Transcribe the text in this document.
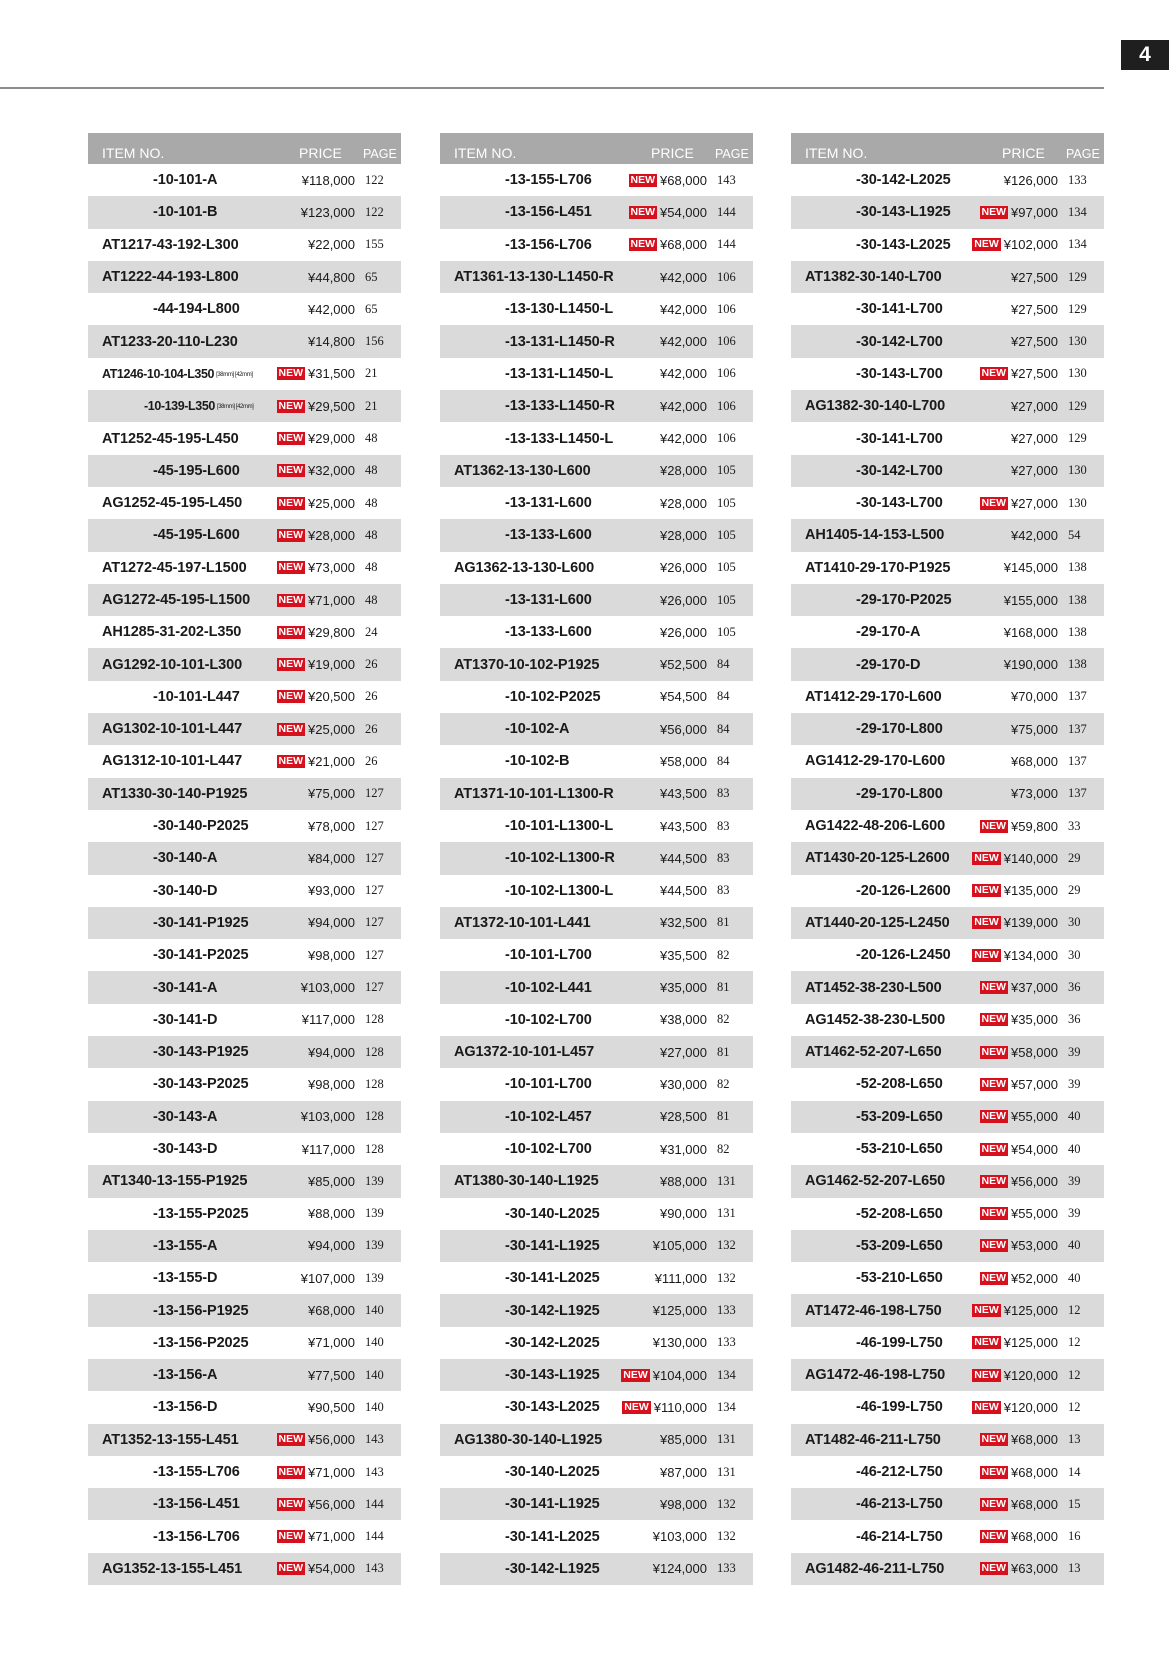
4
ITEM NO.	PRICE	PAGE
-10-101-A	¥118,000 122
-10-101-B	¥123,000 122
AT1217-43-192-L300	¥22,000 155
AT1222-44-193-L800	¥44,800 65
-44-194-L800	¥42,000 65
AT1233-20-110-L230	¥14,800 156
AT1246-10-104-L350 [38mm] [42mm]	NEW ¥31,500 21
-10-139-L350 [38mm] [42mm]	NEW ¥29,500 21
AT1252-45-195-L450	NEW ¥29,000 48
-45-195-L600	NEW ¥32,000 48
AG1252-45-195-L450	NEW ¥25,000 48
-45-195-L600	NEW ¥28,000 48
AT1272-45-197-L1500	NEW ¥73,000 48
AG1272-45-195-L1500	NEW ¥71,000 48
AH1285-31-202-L350	NEW ¥29,800 24
AG1292-10-101-L300	NEW ¥19,000 26
-10-101-L447	NEW ¥20,500 26
AG1302-10-101-L447	NEW ¥25,000 26
AG1312-10-101-L447	NEW ¥21,000 26
AT1330-30-140-P1925	¥75,000 127
-30-140-P2025	¥78,000 127
-30-140-A	¥84,000 127
-30-140-D	¥93,000 127
-30-141-P1925	¥94,000 127
-30-141-P2025	¥98,000 127
-30-141-A	¥103,000 127
-30-141-D	¥117,000 128
-30-143-P1925	¥94,000 128
-30-143-P2025	¥98,000 128
-30-143-A	¥103,000 128
-30-143-D	¥117,000 128
AT1340-13-155-P1925	¥85,000 139
-13-155-P2025	¥88,000 139
-13-155-A	¥94,000 139
-13-155-D	¥107,000 139
-13-156-P1925	¥68,000 140
-13-156-P2025	¥71,000 140
-13-156-A	¥77,500 140
-13-156-D	¥90,500 140
AT1352-13-155-L451	NEW ¥56,000 143
-13-155-L706	NEW ¥71,000 143
-13-156-L451	NEW ¥56,000 144
-13-156-L706	NEW ¥71,000 144
AG1352-13-155-L451	NEW ¥54,000 143
ITEM NO.	PRICE	PAGE
-13-155-L706	NEW ¥68,000 143
-13-156-L451	NEW ¥54,000 144
-13-156-L706	NEW ¥68,000 144
AT1361-13-130-L1450-R	¥42,000 106
-13-130-L1450-L	¥42,000 106
-13-131-L1450-R	¥42,000 106
-13-131-L1450-L	¥42,000 106
-13-133-L1450-R	¥42,000 106
-13-133-L1450-L	¥42,000 106
AT1362-13-130-L600	¥28,000 105
-13-131-L600	¥28,000 105
-13-133-L600	¥28,000 105
AG1362-13-130-L600	¥26,000 105
-13-131-L600	¥26,000 105
-13-133-L600	¥26,000 105
AT1370-10-102-P1925	¥52,500 84
-10-102-P2025	¥54,500 84
-10-102-A	¥56,000 84
-10-102-B	¥58,000 84
AT1371-10-101-L1300-R	¥43,500 83
-10-101-L1300-L	¥43,500 83
-10-102-L1300-R	¥44,500 83
-10-102-L1300-L	¥44,500 83
AT1372-10-101-L441	¥32,500 81
-10-101-L700	¥35,500 82
-10-102-L441	¥35,000 81
-10-102-L700	¥38,000 82
AG1372-10-101-L457	¥27,000 81
-10-101-L700	¥30,000 82
-10-102-L457	¥28,500 81
-10-102-L700	¥31,000 82
AT1380-30-140-L1925	¥88,000 131
-30-140-L2025	¥90,000 131
-30-141-L1925	¥105,000 132
-30-141-L2025	¥111,000 132
-30-142-L1925	¥125,000 133
-30-142-L2025	¥130,000 133
-30-143-L1925	NEW ¥104,000 134
-30-143-L2025	NEW ¥110,000 134
AG1380-30-140-L1925	¥85,000 131
-30-140-L2025	¥87,000 131
-30-141-L1925	¥98,000 132
-30-141-L2025	¥103,000 132
-30-142-L1925	¥124,000 133
ITEM NO.	PRICE	PAGE
-30-142-L2025	¥126,000 133
-30-143-L1925	NEW ¥97,000 134
-30-143-L2025	NEW ¥102,000 134
AT1382-30-140-L700	¥27,500 129
-30-141-L700	¥27,500 129
-30-142-L700	¥27,500 130
-30-143-L700	NEW ¥27,500 130
AG1382-30-140-L700	¥27,000 129
-30-141-L700	¥27,000 129
-30-142-L700	¥27,000 130
-30-143-L700	NEW ¥27,000 130
AH1405-14-153-L500	¥42,000 54
AT1410-29-170-P1925	¥145,000 138
-29-170-P2025	¥155,000 138
-29-170-A	¥168,000 138
-29-170-D	¥190,000 138
AT1412-29-170-L600	¥70,000 137
-29-170-L800	¥75,000 137
AG1412-29-170-L600	¥68,000 137
-29-170-L800	¥73,000 137
AG1422-48-206-L600	NEW ¥59,800 33
AT1430-20-125-L2600	NEW ¥140,000 29
-20-126-L2600	NEW ¥135,000 29
AT1440-20-125-L2450	NEW ¥139,000 30
-20-126-L2450	NEW ¥134,000 30
AT1452-38-230-L500	NEW ¥37,000 36
AG1452-38-230-L500	NEW ¥35,000 36
AT1462-52-207-L650	NEW ¥58,000 39
-52-208-L650	NEW ¥57,000 39
-53-209-L650	NEW ¥55,000 40
-53-210-L650	NEW ¥54,000 40
AG1462-52-207-L650	NEW ¥56,000 39
-52-208-L650	NEW ¥55,000 39
-53-209-L650	NEW ¥53,000 40
-53-210-L650	NEW ¥52,000 40
AT1472-46-198-L750	NEW ¥125,000 12
-46-199-L750	NEW ¥125,000 12
AG1472-46-198-L750	NEW ¥120,000 12
-46-199-L750	NEW ¥120,000 12
AT1482-46-211-L750	NEW ¥68,000 13
-46-212-L750	NEW ¥68,000 14
-46-213-L750	NEW ¥68,000 15
-46-214-L750	NEW ¥68,000 16
AG1482-46-211-L750	NEW ¥63,000 13
